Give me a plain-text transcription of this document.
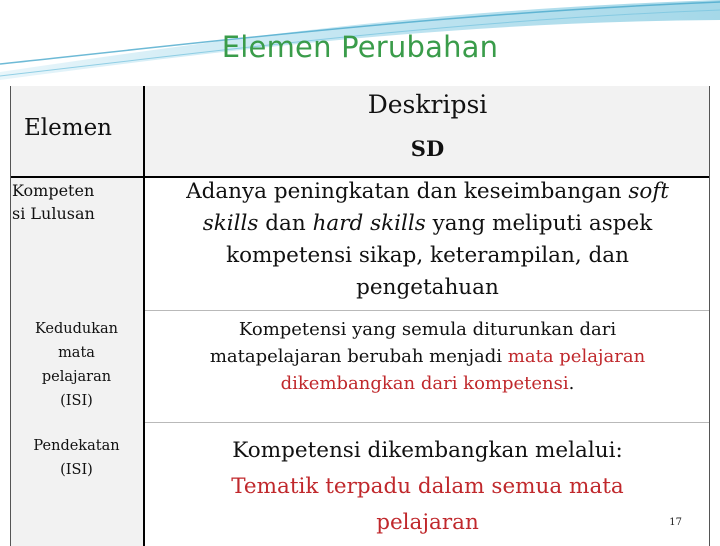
Elemen Perubahan
Elemen
Deskripsi
SD
Kompeten
si Lulusan
Adanya peningkatan dan keseimbangan soft
skills dan hard skills yang meliputi aspek
kompetensi sikap, keterampilan, dan
pengetahuan
Kedudukan
mata
pelajaran
(ISI)
Kompetensi yang semula diturunkan dari
matapelajaran berubah menjadi mata pelajaran
dikembangkan dari kompetensi.
Pendekatan
(ISI)
Kompetensi dikembangkan melalui:
Tematik terpadu dalam semua mata
pelajaran	17
